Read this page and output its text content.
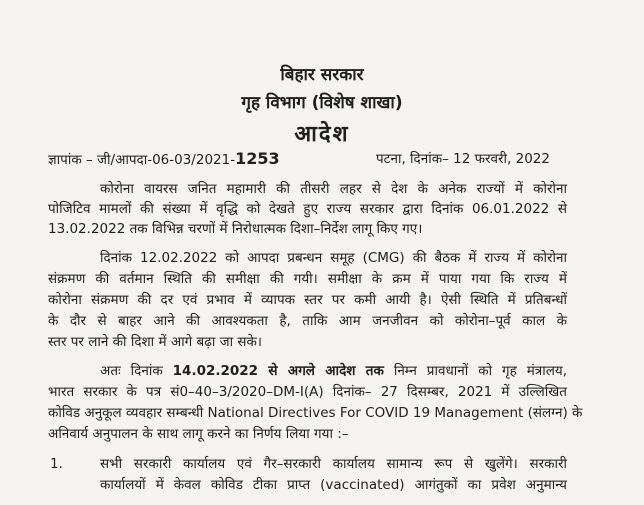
बिहार सरकार
गृह विभाग (विशेष शाखा)
आदेश
ज्ञापांक – जी/आपदा-06-03/2021-1253	पटना, दिनांक– 12 फरवरी, 2022
कोरोना वायरस जनित महामारी की तीसरी लहर से देश के अनेक राज्यों में कोरोना
पोजिटिव मामलों की संख्या में वृद्धि को देखते हुए राज्य सरकार द्वारा दिनांक 06.01.2022 से
13.02.2022 तक विभिन्न चरणों में निरोधात्मक दिशा–निर्देश लागू किए गए।
दिनांक 12.02.2022 को आपदा प्रबन्धन समूह (CMG) की बैठक में राज्य में कोरोना
संक्रमण की वर्तमान स्थिति की समीक्षा की गयी। समीक्षा के क्रम में पाया गया कि राज्य में
कोरोना संक्रमण की दर एवं प्रभाव में व्यापक स्तर पर कमी आयी है। ऐसी स्थिति में प्रतिबन्धों
के दौर से बाहर आने की आवश्यकता है, ताकि आम जनजीवन को कोरोना–पूर्व काल के
स्तर पर लाने की दिशा में आगे बढ़ा जा सके।
अतः दिनांक 14.02.2022 से अगले आदेश तक निम्न प्रावधानों को गृह मंत्रालय,
भारत सरकार के पत्र सं0–40–3/2020–DM-I(A) दिनांक– 27 दिसम्बर, 2021 में उल्लिखित
कोविड अनुकूल व्यवहार सम्बन्धी National Directives For COVID 19 Management (संलग्न) के
अनिवार्य अनुपालन के साथ लागू करने का निर्णय लिया गया :–
1.	सभी सरकारी कार्यालय एवं गैर–सरकारी कार्यालय सामान्य रूप से खुलेंगे। सरकारी
कार्यालयों में केवल कोविड टीका प्राप्त (vaccinated) आगंतुकों का प्रवेश अनुमान्य
